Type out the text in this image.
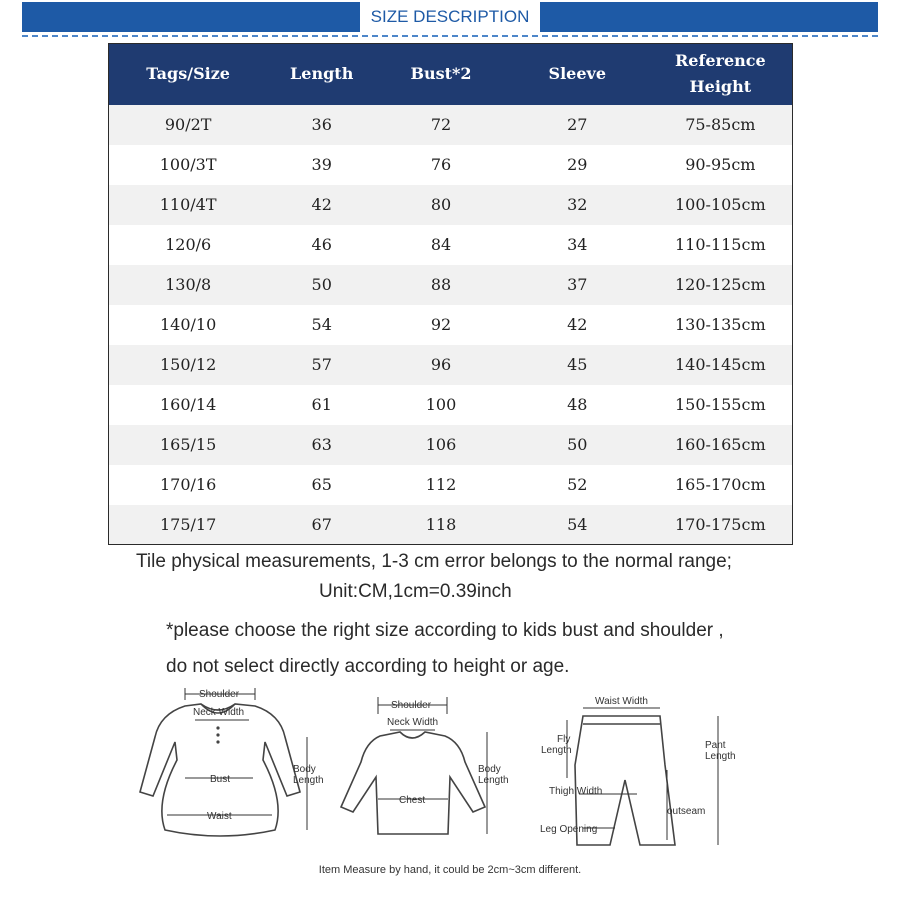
SIZE DESCRIPTION
Tags/Size	Length	Bust*2	Sleeve	Reference
Height
90/2T	36	72	27	75-85cm
100/3T	39	76	29	90-95cm
110/4T	42	80	32	100-105cm
120/6	46	84	34	110-115cm
130/8	50	88	37	120-125cm
140/10	54	92	42	130-135cm
150/12	57	96	45	140-145cm
160/14	61	100	48	150-155cm
165/15	63	106	50	160-165cm
170/16	65	112	52	165-170cm
175/17	67	118	54	170-175cm
Tile physical measurements, 1-3 cm error belongs to the normal range;
Unit:CM,1cm=0.39inch
*please choose the right size according to kids bust and shoulder ,
do not select directly according to height or age.
Shoulder
Neck Width
Bust
Waist
Body
Length
Shoulder
Neck Width
Chest
Body
Length
Waist Width
Fly
Length
Thigh Width
Leg Opening
outseam
Pant
Length
Item Measure by hand, it could be 2cm~3cm different.
